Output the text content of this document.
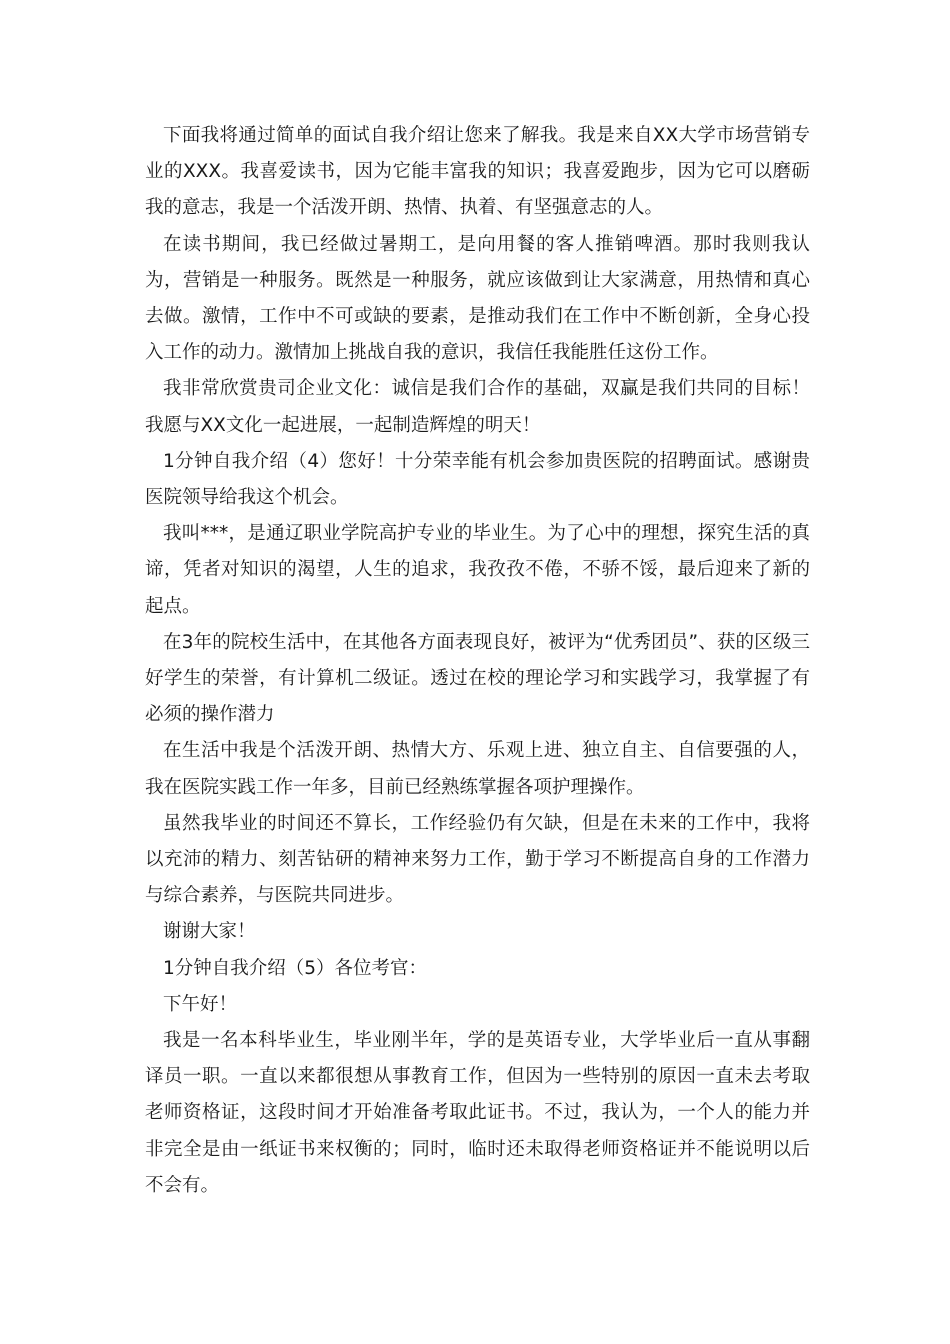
下面我将通过简单的面试自我介绍让您来了解我。我是来自XX大学市场营销专业的XXX。我喜爱读书，因为它能丰富我的知识；我喜爱跑步，因为它可以磨砺我的意志，我是一个活泼开朗、热情、执着、有坚强意志的人。

在读书期间，我已经做过暑期工，是向用餐的客人推销啤酒。那时我则我认为，营销是一种服务。既然是一种服务，就应该做到让大家满意，用热情和真心去做。激情，工作中不可或缺的要素，是推动我们在工作中不断创新，全身心投入工作的动力。激情加上挑战自我的意识，我信任我能胜任这份工作。

我非常欣赏贵司企业文化：诚信是我们合作的基础，双赢是我们共同的目标！我愿与XX文化一起进展，一起制造辉煌的明天！

1分钟自我介绍（4）您好！十分荣幸能有机会参加贵医院的招聘面试。感谢贵医院领导给我这个机会。

我叫***，是通辽职业学院高护专业的毕业生。为了心中的理想，探究生活的真谛，凭者对知识的渴望，人生的追求，我孜孜不倦，不骄不馁，最后迎来了新的起点。

在3年的院校生活中，在其他各方面表现良好，被评为“优秀团员”、获的区级三好学生的荣誉，有计算机二级证。透过在校的理论学习和实践学习，我掌握了有必须的操作潜力

在生活中我是个活泼开朗、热情大方、乐观上进、独立自主、自信要强的人，我在医院实践工作一年多，目前已经熟练掌握各项护理操作。

虽然我毕业的时间还不算长，工作经验仍有欠缺，但是在未来的工作中，我将以充沛的精力、刻苦钻研的精神来努力工作，勤于学习不断提高自身的工作潜力与综合素养，与医院共同进步。

谢谢大家！

1分钟自我介绍（5）各位考官：

下午好！

我是一名本科毕业生，毕业刚半年，学的是英语专业，大学毕业后一直从事翻译员一职。一直以来都很想从事教育工作，但因为一些特别的原因一直未去考取老师资格证，这段时间才开始准备考取此证书。不过，我认为，一个人的能力并非完全是由一纸证书来权衡的；同时，临时还未取得老师资格证并不能说明以后不会有。
